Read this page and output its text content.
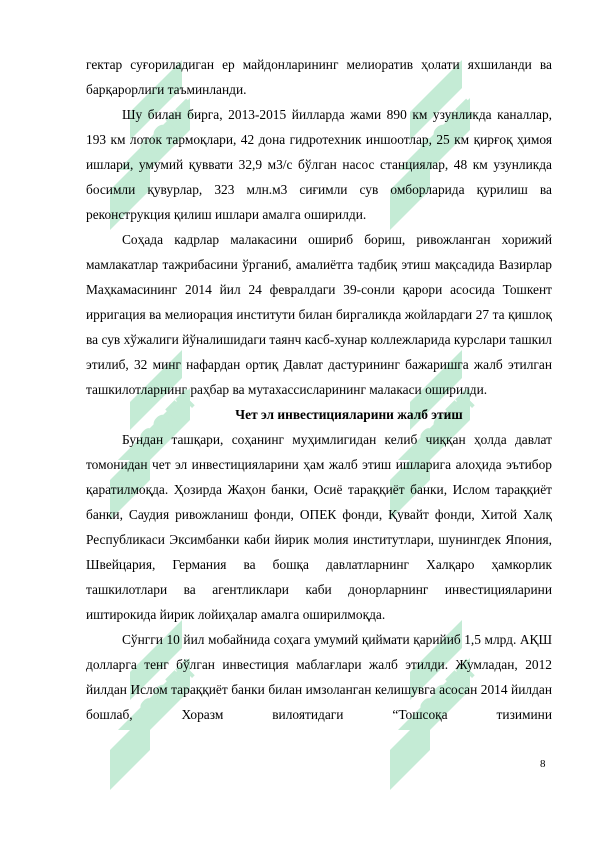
SOFT	SOFT
SOFT	SOFT
SOFT	SOFT

гектар суғориладиган ер майдонларининг мелиоратив ҳолати яхшиланди ва барқарорлиги таъминланди.

Шу билан бирга, 2013-2015 йилларда жами 890 км узунликда каналлар, 193 км лоток тармоқлари, 42 дона гидротехник иншоотлар, 25 км қирғоқ ҳимоя ишлари, умумий қуввати 32,9 м3/с бўлган насос станциялар, 48 км узунликда босимли қувурлар, 323 млн.м3 сиғимли сув омборларида қурилиш ва реконструкция қилиш ишлари амалга оширилди.

Соҳада кадрлар малакасини ошириб бориш, ривожланган хорижий мамлакатлар тажрибасини ўрганиб, амалиётга тадбиқ этиш мақсадида Вазирлар Маҳкамасининг 2014 йил 24 февралдаги 39-сонли қарори асосида Тошкент ирригация ва мелиорация институти билан биргаликда жойлардаги 27 та қишлоқ ва сув хўжалиги йўналишидаги таянч касб-хунар коллежларида курслари ташкил этилиб, 32 минг нафардан ортиқ Давлат дастурининг бажаришга жалб этилган ташкилотларнинг раҳбар ва мутахассисларининг малакаси оширилди.

Чет эл инвестицияларини жалб этиш

Бундан ташқари, соҳанинг муҳимлигидан келиб чиққан ҳолда давлат томонидан чет эл инвестицияларини ҳам жалб этиш ишларига алоҳида эътибор қаратилмоқда. Ҳозирда Жаҳон банки, Осиё тараққиёт банки, Ислом тараққиёт банки, Саудия ривожланиш фонди, ОПЕК фонди, Қувайт фонди, Хитой Халқ Республикаси Эксимбанки каби йирик молия институтлари, шунингдек Япония, Швейцария, Германия ва бошқа давлатларнинг Халқаро ҳамкорлик ташкилотлари ва агентликлари каби донорларнинг инвестицияларини иштирокида йирик лойиҳалар амалга оширилмоқда.

Сўнгги 10 йил мобайнида соҳага умумий қиймати қарийиб 1,5 млрд. АҚШ долларга тенг бўлган инвестиция маблағлари жалб этилди. Жумладан, 2012 йилдан Ислом тараққиёт банки билан имзоланган келишувга асосан 2014 йилдан бошлаб, Хоразм вилоятидаги “Тошсоқа тизимини

8
